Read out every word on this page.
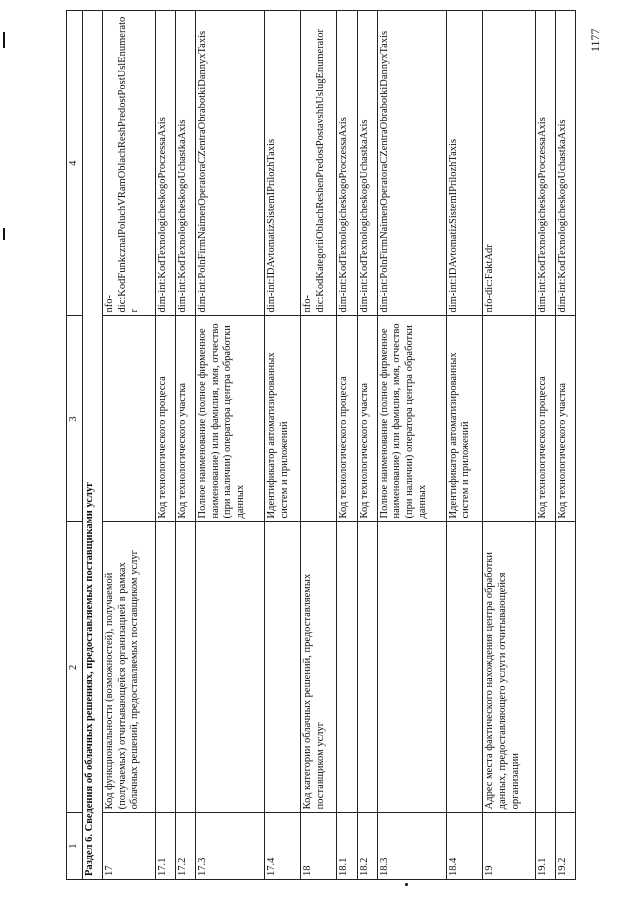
1177
1	2	3	4
Раздел 6. Сведения об облачных решениях, предоставляемых поставщиками услуг			
17	Код функциональности (возможностей), получаемой (получаемых) отчитывающейся организацией в рамках облачных решений, предоставляемых поставщиком услуг		nfo-dic:KodFunkcznalPoluchVRamOblachReshPredostPostUslEnumerator
17.1		Код технологического процесса	dim-int:KodTexnologicheskogoProczessaAxis
17.2		Код технологического участка	dim-int:KodTexnologicheskogoUchastkaAxis
17.3		Полное наименование (полное фирменное наименование) или фамилия, имя, отчество (при наличии) оператора центра обработки данных	dim-int:PolnFirmNaimenOperatoraCZentraObrabotkiDannyxTaxis
17.4		Идентификатор автоматизированных систем и приложений	dim-int:IDAvtomatizSistemIPrilozhTaxis
18	Код категории облачных решений, предоставляемых поставщиком услуг		nfo-dic:KodKategoriiOblachReshenPredostPostavshhUslugEnumerator
18.1		Код технологического процесса	dim-int:KodTexnologicheskogoProczessaAxis
18.2		Код технологического участка	dim-int:KodTexnologicheskogoUchastkaAxis
18.3		Полное наименование (полное фирменное наименование) или фамилия, имя, отчество (при наличии) оператора центра обработки данных	dim-int:PolnFirmNaimenOperatoraCZentraObrabotkiDannyxTaxis
18.4		Идентификатор автоматизированных систем и приложений	dim-int:IDAvtomatizSistemIPrilozhTaxis
19	Адрес места фактического нахождения центра обработки данных, предоставляющего услуги отчитывающейся организации		nfo-dic:FaktAdr
19.1		Код технологического процесса	dim-int:KodTexnologicheskogoProczessaAxis
19.2		Код технологического участка	dim-int:KodTexnologicheskogoUchastkaAxis
